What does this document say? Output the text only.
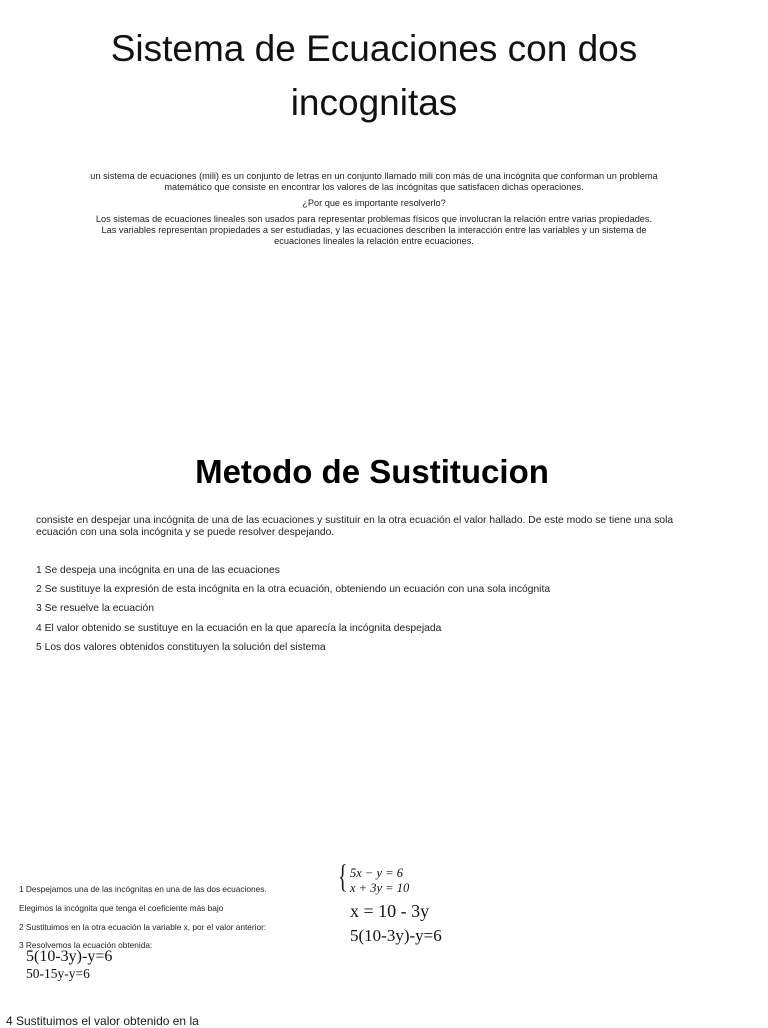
Sistema de Ecuaciones con dos incognitas

un sistema de ecuaciones (mili) es un conjunto de letras en un conjunto llamado mili con más de una incógnita que conforman un problema matemático que consiste en encontrar los valores de las incógnitas que satisfacen dichas operaciones.

¿Por que es importante resolverlo?

Los sistemas de ecuaciones lineales son usados para representar problemas físicos que involucran la relación entre varias propiedades. Las variables representan propiedades a ser estudiadas, y las ecuaciones describen la interacción entre las variables y un sistema de ecuaciones lineales la relación entre ecuaciones.

Metodo de Sustitucion
consiste en despejar una incógnita de una de las ecuaciones y sustituir en la otra ecuación el valor hallado. De este modo se tiene una sola ecuación con una sola incógnita y se puede resolver despejando.
1 Se despeja una incógnita en una de las ecuaciones
2 Se sustituye la expresión de esta incógnita en la otra ecuación, obteniendo un ecuación con una sola incógnita
3 Se resuelve la ecuación
4 El valor obtenido se sustituye en la ecuación en la que aparecía la incógnita despejada
5 Los dos valores obtenidos constituyen la solución del sistema
1 Despejamos una de las incógnitas en una de las dos ecuaciones.
Elegimos la incógnita que tenga el coeficiente más bajo
2 Sustituimos en la otra ecuación la variable x, por el valor anterior:
3 Resolvemos la ecuación obtenida:
{ 5x − y = 6
x + 3y = 10
x = 10 - 3y
5(10-3y)-y=6
5(10-3y)-y=6
50-15y-y=6
4 Sustituimos el valor obtenido en la
